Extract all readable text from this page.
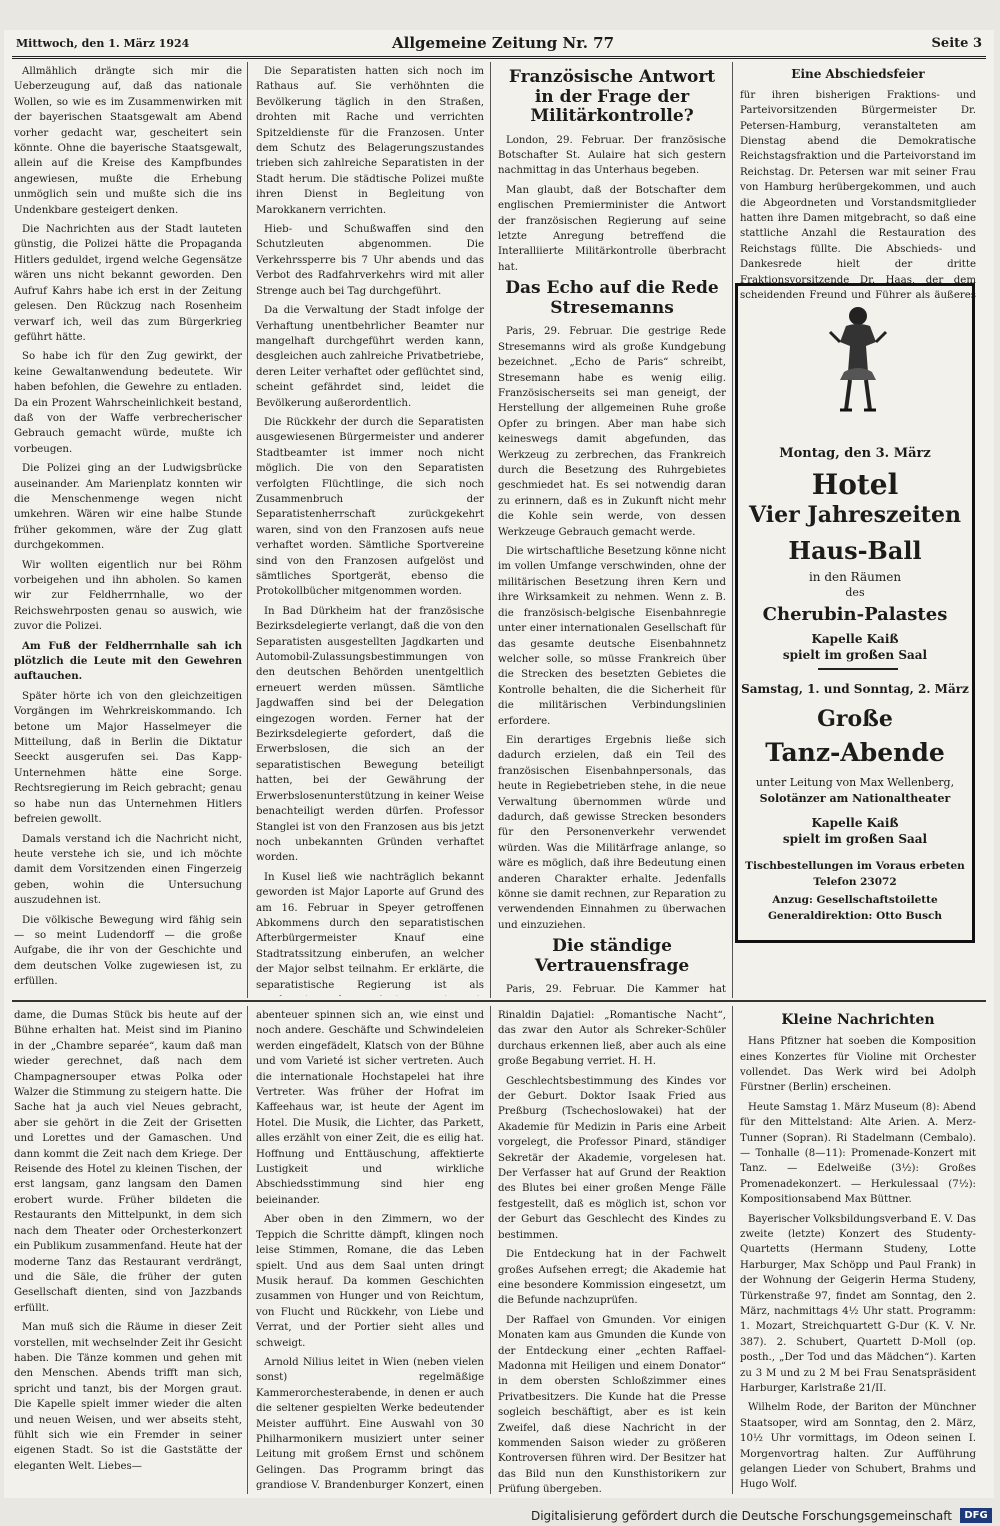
Mittwoch, den 1. März 1924	Allgemeine Zeitung Nr. 77	Seite 3

Allmählich drängte sich mir die Ueberzeugung auf, daß das nationale Wollen, so wie es im Zusammenwirken mit der bayerischen Staatsgewalt am Abend vorher gedacht war, gescheitert sein könnte. Ohne die bayerische Staatsgewalt, allein auf die Kreise des Kampfbundes angewiesen, mußte die Erhebung unmöglich sein und mußte sich die ins Undenkbare gesteigert denken.

Die Nachrichten aus der Stadt lauteten günstig, die Polizei hätte die Propaganda Hitlers geduldet, irgend welche Gegensätze wären uns nicht bekannt geworden. Den Aufruf Kahrs habe ich erst in der Zeitung gelesen. Den Rückzug nach Rosenheim verwarf ich, weil das zum Bürgerkrieg geführt hätte.

So habe ich für den Zug gewirkt, der keine Gewaltanwendung bedeutete. Wir haben befohlen, die Gewehre zu entladen. Da ein Prozent Wahrscheinlichkeit bestand, daß von der Waffe verbrecherischer Gebrauch gemacht würde, mußte ich vorbeugen.

Die Polizei ging an der Ludwigsbrücke auseinander. Am Marienplatz konnten wir die Menschenmenge wegen nicht umkehren. Wären wir eine halbe Stunde früher gekommen, wäre der Zug glatt durchgekommen.

Wir wollten eigentlich nur bei Röhm vorbeigehen und ihn abholen. So kamen wir zur Feldherrnhalle, wo der Reichswehrposten genau so auswich, wie zuvor die Polizei.

Am Fuß der Feldherrnhalle sah ich plötzlich die Leute mit den Gewehren auftauchen.

Später hörte ich von den gleichzeitigen Vorgängen im Wehrkreiskommando. Ich betone um Major Hasselmeyer die Mitteilung, daß in Berlin die Diktatur Seeckt ausgerufen sei. Das Kapp-Unternehmen hätte eine Sorge. Rechtsregierung im Reich gebracht; genau so habe nun das Unternehmen Hitlers befreien gewollt.

Damals verstand ich die Nachricht nicht, heute verstehe ich sie, und ich möchte damit dem Vorsitzenden einen Fingerzeig geben, wohin die Untersuchung auszudehnen ist.

Die völkische Bewegung wird fähig sein — so meint Ludendorff — die große Aufgabe, die ihr von der Geschichte und dem deutschen Volke zugewiesen ist, zu erfüllen.

Die Separatisten hatten sich noch im Rathaus auf. Sie verhöhnten die Bevölkerung täglich in den Straßen, drohten mit Rache und verrichten Spitzeldienste für die Franzosen. Unter dem Schutz des Belagerungszustandes trieben sich zahlreiche Separatisten in der Stadt herum. Die städtische Polizei mußte ihren Dienst in Begleitung von Marokkanern verrichten.

Hieb- und Schußwaffen sind den Schutzleuten abgenommen. Die Verkehrssperre bis 7 Uhr abends und das Verbot des Radfahrverkehrs wird mit aller Strenge auch bei Tag durchgeführt.

Da die Verwaltung der Stadt infolge der Verhaftung unentbehrlicher Beamter nur mangelhaft durchgeführt werden kann, desgleichen auch zahlreiche Privatbetriebe, deren Leiter verhaftet oder geflüchtet sind, scheint gefährdet sind, leidet die Bevölkerung außerordentlich.

Die Rückkehr der durch die Separatisten ausgewiesenen Bürgermeister und anderer Stadtbeamter ist immer noch nicht möglich. Die von den Separatisten verfolgten Flüchtlinge, die sich noch Zusammenbruch der Separatistenherrschaft zurückgekehrt waren, sind von den Franzosen aufs neue verhaftet worden. Sämtliche Sportvereine sind von den Franzosen aufgelöst und sämtliches Sportgerät, ebenso die Protokollbücher mitgenommen worden.

In Bad Dürkheim hat der französische Bezirksdelegierte verlangt, daß die von den Separatisten ausgestellten Jagdkarten und Automobil-Zulassungsbestimmungen von den deutschen Behörden unentgeltlich erneuert werden müssen. Sämtliche Jagdwaffen sind bei der Delegation eingezogen worden. Ferner hat der Bezirksdelegierte gefordert, daß die Erwerbslosen, die sich an der separatistischen Bewegung beteiligt hatten, bei der Gewährung der Erwerbslosenunterstützung in keiner Weise benachteiligt werden dürfen. Professor Stanglei ist von den Franzosen aus bis jetzt noch unbekannten Gründen verhaftet worden.

In Kusel ließ wie nachträglich bekannt geworden ist Major Laporte auf Grund des am 16. Februar in Speyer getroffenen Abkommens durch den separatistischen Afterbürgermeister Knauf eine Stadtratssitzung einberufen, an welcher der Major selbst teilnahm. Er erklärte, die separatistische Regierung ist als

Französische Antwort in der Frage der Militärkontrolle?

London, 29. Februar. Der französische Botschafter St. Aulaire hat sich gestern nachmittag in das Unterhaus begeben.

Man glaubt, daß der Botschafter dem englischen Premierminister die Antwort der französischen Regierung auf seine letzte Anregung betreffend die Interalliierte Militärkontrolle überbracht hat.

Das Echo auf die Rede Stresemanns

Paris, 29. Februar. Die gestrige Rede Stresemanns wird als große Kundgebung bezeichnet. „Echo de Paris“ schreibt, Stresemann habe es wenig eilig. Französischerseits sei man geneigt, der Herstellung der allgemeinen Ruhe große Opfer zu bringen. Aber man habe sich keineswegs damit abgefunden, das Werkzeug zu zerbrechen, das Frankreich durch die Besetzung des Ruhrgebietes geschmiedet hat. Es sei notwendig daran zu erinnern, daß es in Zukunft nicht mehr die Kohle sein werde, von dessen Werkzeuge Gebrauch gemacht werde.

Die wirtschaftliche Besetzung könne nicht im vollen Umfange verschwinden, ohne der militärischen Besetzung ihren Kern und ihre Wirksamkeit zu nehmen. Wenn z. B. die französisch-belgische Eisenbahnregie unter einer internationalen Gesellschaft für das gesamte deutsche Eisenbahnnetz welcher solle, so müsse Frankreich über die Strecken des besetzten Gebietes die Kontrolle behalten, die die Sicherheit für die militärischen Verbindungslinien erfordere.

Ein derartiges Ergebnis ließe sich dadurch erzielen, daß ein Teil des französischen Eisenbahnpersonals, das heute in Regiebetrieben stehe, in die neue Verwaltung übernommen würde und dadurch, daß gewisse Strecken besonders für den Personenverkehr verwendet würden. Was die Militärfrage anlange, so wäre es möglich, daß ihre Bedeutung einen anderen Charakter erhalte. Jedenfalls könne sie damit rechnen, zur Reparation zu verwendenden Einnahmen zu überwachen und einzuziehen.

Die ständige Vertrauensfrage

Paris, 29. Februar. Die Kammer hat

Eine Abschiedsfeier

für ihren bisherigen Fraktions- und Parteivorsitzenden Bürgermeister Dr. Petersen-Hamburg, veranstalteten am Dienstag abend die Demokratische Reichstagsfraktion und die Parteivorstand im Reichstag. Dr. Petersen war mit seiner Frau von Hamburg herübergekommen, und auch die Abgeordneten und Vorstandsmitglieder hatten ihre Damen mitgebracht, so daß eine stattliche Anzahl die Restauration des Reichstags füllte. Die Abschieds- und Dankesrede hielt der dritte Fraktionsvorsitzende Dr. Haas, der dem scheidenden Freund und Führer als äußeres

Montag, den 3. März
Hotel
Vier Jahreszeiten
Haus-Ball
in den Räumen
des
Cherubin-Palastes
Kapelle Kaiß
spielt im großen Saal
Samstag, 1. und Sonntag, 2. März
Große
Tanz-Abende
unter Leitung von Max Wellenberg,
Solotänzer am Nationaltheater
Kapelle Kaiß
spielt im großen Saal
Tischbestellungen im Voraus erbeten
Telefon 23072
Anzug: Gesellschaftstoilette
Generaldirektion: Otto Busch

dame, die Dumas Stück bis heute auf der Bühne erhalten hat. Meist sind im Pianino in der „Chambre separée“, kaum daß man wieder gerechnet, daß nach dem Champagnersouper etwas Polka oder Walzer die Stimmung zu steigern hatte. Die Sache hat ja auch viel Neues gebracht, aber sie gehört in die Zeit der Grisetten und Lorettes und der Gamaschen. Und dann kommt die Zeit nach dem Kriege. Der Reisende des Hotel zu kleinen Tischen, der erst langsam, ganz langsam den Damen erobert wurde. Früher bildeten die Restaurants den Mittelpunkt, in dem sich nach dem Theater oder Orchesterkonzert ein Publikum zusammenfand. Heute hat der moderne Tanz das Restaurant verdrängt, und die Säle, die früher der guten Gesellschaft dienten, sind von Jazzbands erfüllt.

Man muß sich die Räume in dieser Zeit vorstellen, mit wechselnder Zeit ihr Gesicht haben. Die Tänze kommen und gehen mit den Menschen. Abends trifft man sich, spricht und tanzt, bis der Morgen graut. Die Kapelle spielt immer wieder die alten und neuen Weisen, und wer abseits steht, fühlt sich wie ein Fremder in seiner eigenen Stadt. So ist die Gaststätte der eleganten Welt. Liebes—

abenteuer spinnen sich an, wie einst und noch andere. Geschäfte und Schwindeleien werden eingefädelt, Klatsch von der Bühne und vom Varieté ist sicher vertreten. Auch die internationale Hochstapelei hat ihre Vertreter. Was früher der Hofrat im Kaffeehaus war, ist heute der Agent im Hotel. Die Musik, die Lichter, das Parkett, alles erzählt von einer Zeit, die es eilig hat. Hoffnung und Enttäuschung, affektierte Lustigkeit und wirkliche Abschiedsstimmung sind hier eng beieinander.

Aber oben in den Zimmern, wo der Teppich die Schritte dämpft, klingen noch leise Stimmen, Romane, die das Leben spielt. Und aus dem Saal unten dringt Musik herauf. Da kommen Geschichten zusammen von Hunger und von Reichtum, von Flucht und Rückkehr, von Liebe und Verrat, und der Portier sieht alles und schweigt.

Arnold Nilius leitet in Wien (neben vielen sonst) regelmäßige Kammerorchesterabende, in denen er auch die seltener gespielten Werke bedeutender Meister aufführt. Eine Auswahl von 30 Philharmonikern musiziert unter seiner Leitung mit großem Ernst und schönem Gelingen. Das Programm bringt das grandiose V. Brandenburger Konzert, einen

Rinaldin Dajatiel: „Romantische Nacht“, das zwar den Autor als Schreker-Schüler durchaus erkennen ließ, aber auch als eine große Begabung verriet. H. H.

Geschlechtsbestimmung des Kindes vor der Geburt. Doktor Isaak Fried aus Preßburg (Tschechoslowakei) hat der Akademie für Medizin in Paris eine Arbeit vorgelegt, die Professor Pinard, ständiger Sekretär der Akademie, vorgelesen hat. Der Verfasser hat auf Grund der Reaktion des Blutes bei einer großen Menge Fälle festgestellt, daß es möglich ist, schon vor der Geburt das Geschlecht des Kindes zu bestimmen.

Die Entdeckung hat in der Fachwelt großes Aufsehen erregt; die Akademie hat eine besondere Kommission eingesetzt, um die Befunde nachzuprüfen.

Der Raffael von Gmunden. Vor einigen Monaten kam aus Gmunden die Kunde von der Entdeckung einer „echten Raffael-Madonna mit Heiligen und einem Donator“ in dem obersten Schloßzimmer eines Privatbesitzers. Die Kunde hat die Presse sogleich beschäftigt, aber es ist kein Zweifel, daß diese Nachricht in der kommenden Saison wieder zu größeren Kontroversen führen wird. Der Besitzer hat das Bild nun den Kunsthistorikern zur Prüfung übergeben.

Kleine Nachrichten

Hans Pfitzner hat soeben die Komposition eines Konzertes für Violine mit Orchester vollendet. Das Werk wird bei Adolph Fürstner (Berlin) erscheinen.

Heute Samstag 1. März Museum (8): Abend für den Mittelstand: Alte Arien. A. Merz-Tunner (Sopran). Ri Stadelmann (Cembalo). — Tonhalle (8—11): Promenade-Konzert mit Tanz. — Edelweiße (3½): Großes Promenadekonzert. — Herkulessaal (7½): Kompositionsabend Max Büttner.

Bayerischer Volksbildungsverband E. V. Das zweite (letzte) Konzert des Studenty-Quartetts (Hermann Studeny, Lotte Harburger, Max Schöpp und Paul Frank) in der Wohnung der Geigerin Herma Studeny, Türkenstraße 97, findet am Sonntag, den 2. März, nachmittags 4½ Uhr statt. Programm: 1. Mozart, Streichquartett G-Dur (K. V. Nr. 387). 2. Schubert, Quartett D-Moll (op. posth., „Der Tod und das Mädchen“). Karten zu 3 M und zu 2 M bei Frau Senatspräsident Harburger, Karlstraße 21/II.

Wilhelm Rode, der Bariton der Münchner Staatsoper, wird am Sonntag, den 2. März, 10½ Uhr vormittags, im Odeon seinen I. Morgenvortrag halten. Zur Aufführung gelangen Lieder von Schubert, Brahms und Hugo Wolf.

Digitalisierung gefördert durch die Deutsche Forschungsgemeinschaft	DFG
